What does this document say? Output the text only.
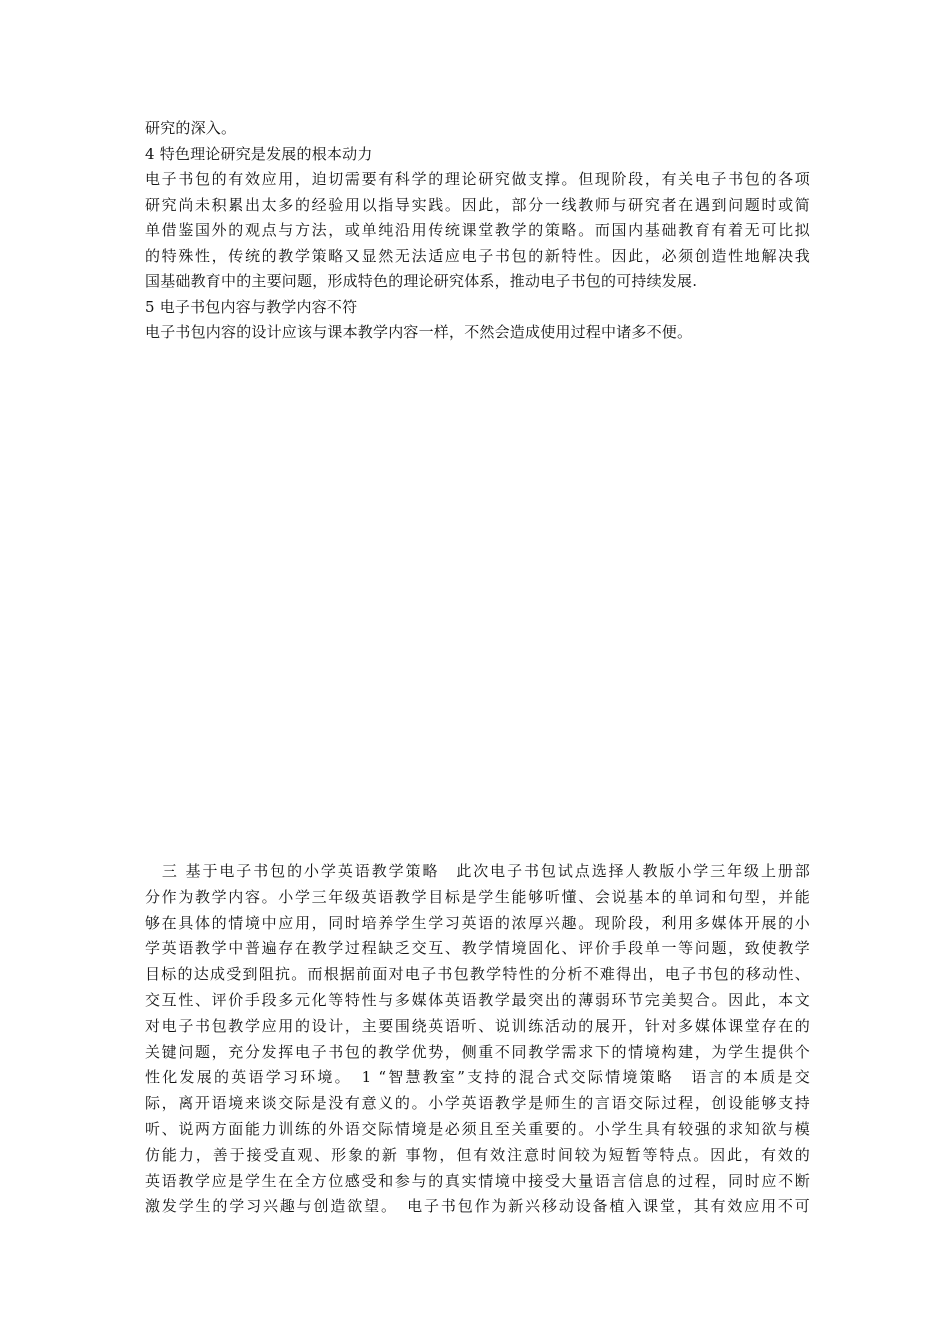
研究的深入。
4 特色理论研究是发展的根本动力
电子书包的有效应用，迫切需要有科学的理论研究做支撑。但现阶段，有关电子书包的各项
研究尚未积累出太多的经验用以指导实践。因此，部分一线教师与研究者在遇到问题时或简
单借鉴国外的观点与方法，或单纯沿用传统课堂教学的策略。而国内基础教育有着无可比拟
的特殊性，传统的教学策略又显然无法适应电子书包的新特性。因此，必须创造性地解决我
国基础教育中的主要问题，形成特色的理论研究体系，推动电子书包的可持续发展.
5 电子书包内容与教学内容不符
电子书包内容的设计应该与课本教学内容一样，不然会造成使用过程中诸多不便。
　三 基于电子书包的小学英语教学策略　此次电子书包试点选择人教版小学三年级上册部
分作为教学内容。小学三年级英语教学目标是学生能够听懂、会说基本的单词和句型，并能
够在具体的情境中应用，同时培养学生学习英语的浓厚兴趣。现阶段，利用多媒体开展的小
学英语教学中普遍存在教学过程缺乏交互、教学情境固化、评价手段单一等问题，致使教学
目标的达成受到阻抗。而根据前面对电子书包教学特性的分析不难得出，电子书包的移动性、
交互性、评价手段多元化等特性与多媒体英语教学最突出的薄弱环节完美契合。因此，本文
对电子书包教学应用的设计，主要围绕英语听、说训练活动的展开，针对多媒体课堂存在的
关键问题，充分发挥电子书包的教学优势，侧重不同教学需求下的情境构建，为学生提供个
性化发展的英语学习环境。　1 “智慧教室”支持的混合式交际情境策略　语言的本质是交
际，离开语境来谈交际是没有意义的。小学英语教学是师生的言语交际过程，创设能够支持
听、说两方面能力训练的外语交际情境是必须且至关重要的。小学生具有较强的求知欲与模
仿能力，善于接受直观、形象的新 事物，但有效注意时间较为短暂等特点。因此，有效的
英语教学应是学生在全方位感受和参与的真实情境中接受大量语言信息的过程，同时应不断
激发学生的学习兴趣与创造欲望。　电子书包作为新兴移动设备植入课堂，其有效应用不可
